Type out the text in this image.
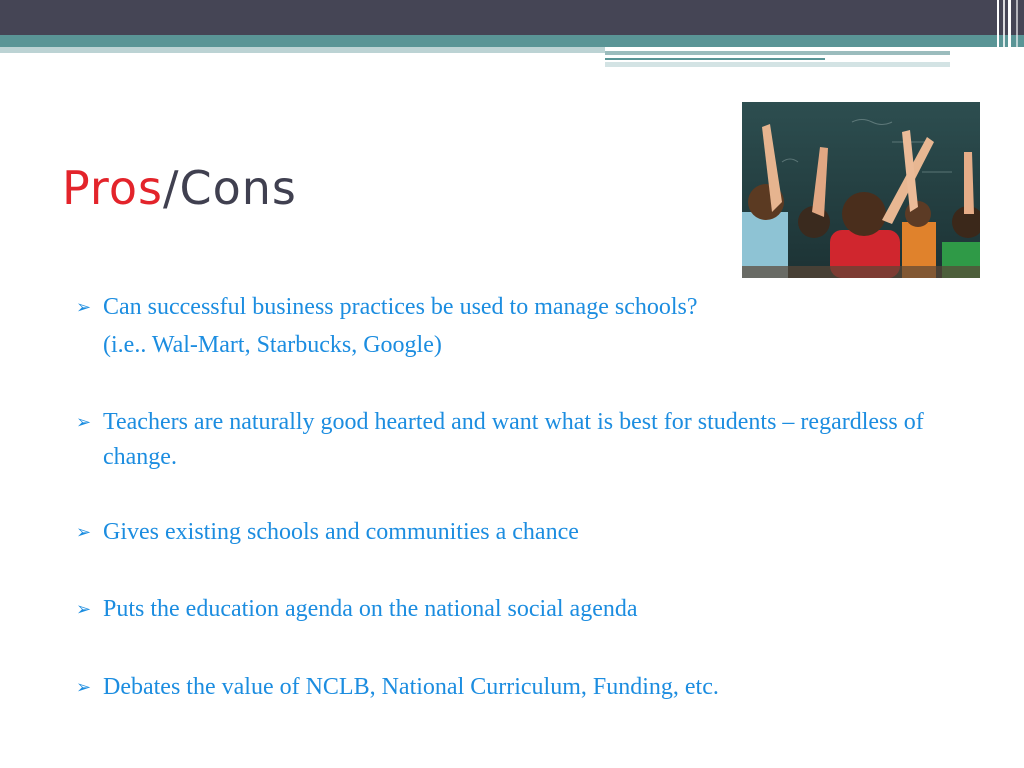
Pros/Cons
➢ Can successful business practices be used to manage schools?
(i.e.. Wal-Mart, Starbucks, Google)
➢ Teachers are naturally good hearted and want what is best for students – regardless of change.
➢ Gives existing schools and communities a chance
➢ Puts the education agenda on the national social agenda
➢ Debates the value of NCLB, National Curriculum, Funding, etc.
